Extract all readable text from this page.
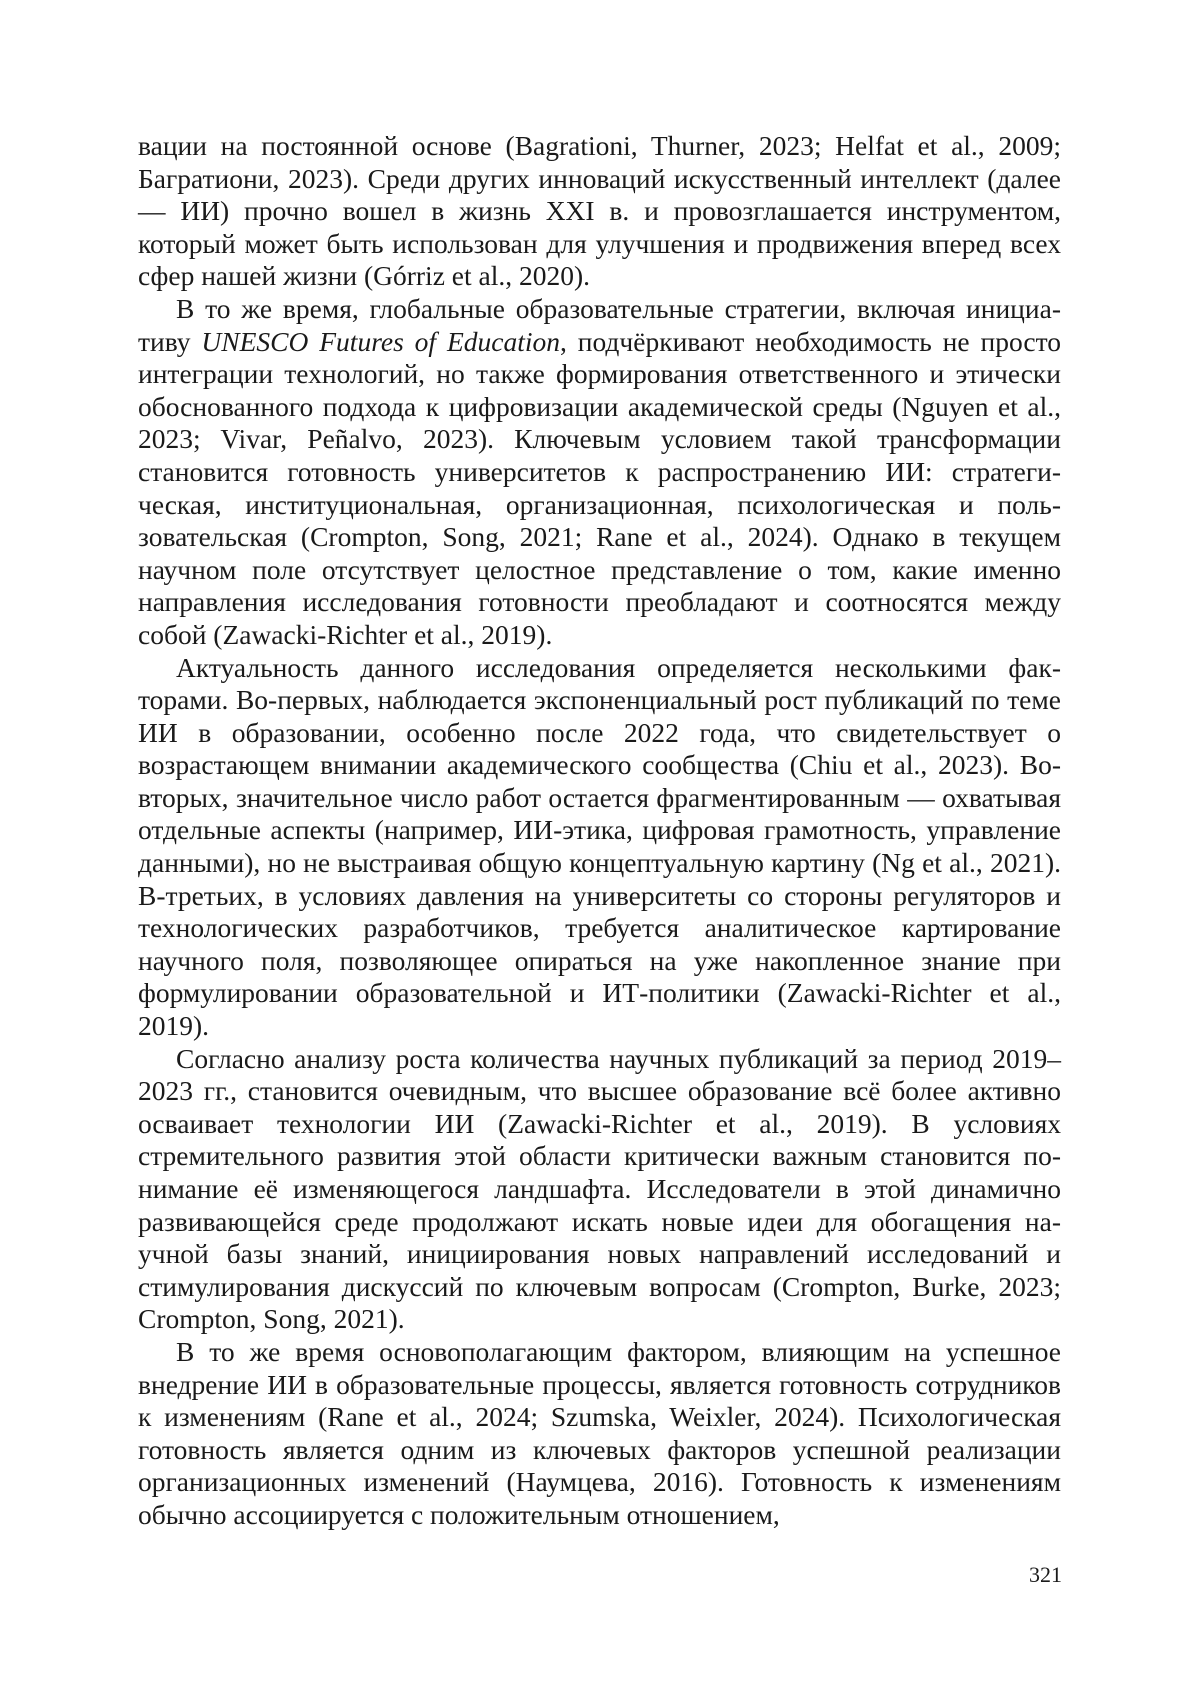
вации на постоянной основе (Bagrationi, Thurner, 2023; Helfat et al., 2009; Багратиони, 2023). Среди других инноваций искусственный интеллект (далее — ИИ) прочно вошел в жизнь XXI в. и провозглашается инструментом, который может быть использован для улучшения и продвижения вперед всех сфер нашей жизни (Górriz et al., 2020).

В то же время, глобальные образовательные стратегии, включая инициативу UNESCO Futures of Education, подчёркивают необходимость не просто интеграции технологий, но также формирования ответственного и этически обоснованного подхода к цифровизации академической среды (Nguyen et al., 2023; Vivar, Peñalvo, 2023). Ключевым условием такой трансформации становится готовность университетов к распространению ИИ: стратегическая, институциональная, организационная, психологическая и пользовательская (Crompton, Song, 2021; Rane et al., 2024). Однако в текущем научном поле отсутствует целостное представление о том, какие именно направления исследования готовности преобладают и соотносятся между собой (Zawacki-Richter et al., 2019).

Актуальность данного исследования определяется несколькими факторами. Во-первых, наблюдается экспоненциальный рост публикаций по теме ИИ в образовании, особенно после 2022 года, что свидетельствует о возрастающем внимании академического сообщества (Chiu et al., 2023). Во-вторых, значительное число работ остается фрагментированным — охватывая отдельные аспекты (например, ИИ-этика, цифровая грамотность, управление данными), но не выстраивая общую концептуальную картину (Ng et al., 2021). В-третьих, в условиях давления на университеты со стороны регуляторов и технологических разработчиков, требуется аналитическое картирование научного поля, позволяющее опираться на уже накопленное знание при формулировании образовательной и ИТ-политики (Zawacki-Richter et al., 2019).

Согласно анализу роста количества научных публикаций за период 2019–2023 гг., становится очевидным, что высшее образование всё более активно осваивает технологии ИИ (Zawacki-Richter et al., 2019). В условиях стремительного развития этой области критически важным становится понимание её изменяющегося ландшафта. Исследователи в этой динамично развивающейся среде продолжают искать новые идеи для обогащения научной базы знаний, инициирования новых направлений исследований и стимулирования дискуссий по ключевым вопросам (Crompton, Burke, 2023; Crompton, Song, 2021).

В то же время основополагающим фактором, влияющим на успешное внедрение ИИ в образовательные процессы, является готовность сотрудников к изменениям (Rane et al., 2024; Szumska, Weixler, 2024). Психологическая готовность является одним из ключевых факторов успешной реализации организационных изменений (Наумцева, 2016). Готовность к изменениям обычно ассоциируется с положительным отношением,

321
